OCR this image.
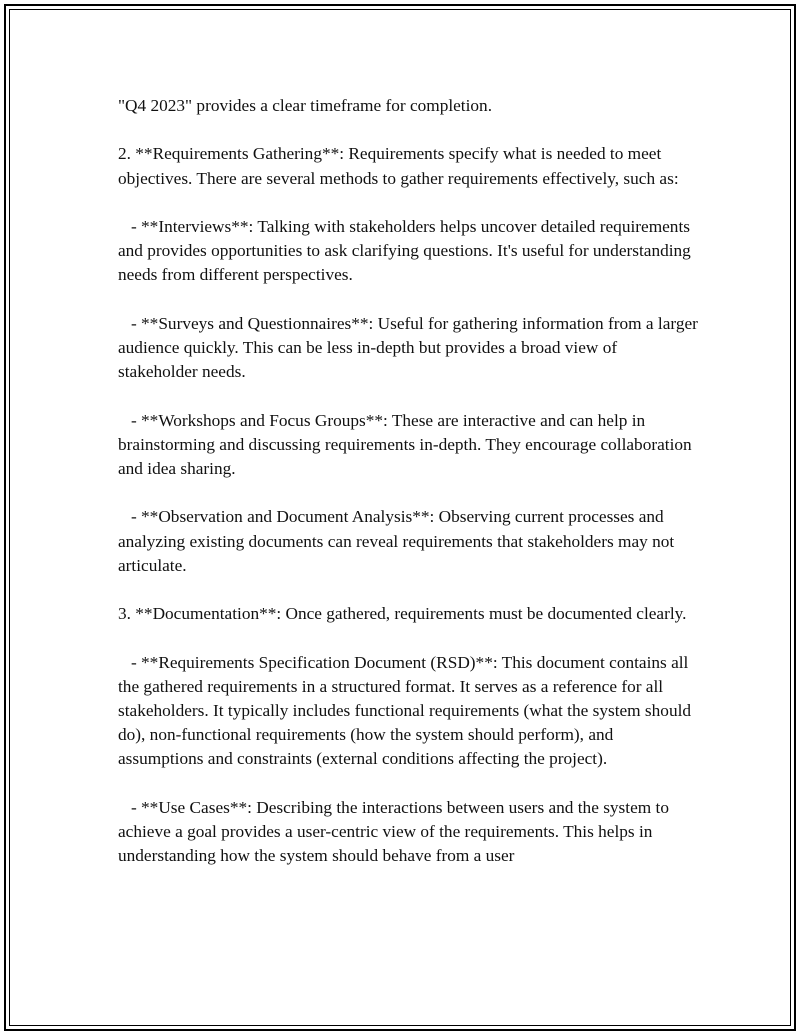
"Q4 2023" provides a clear timeframe for completion.

2. **Requirements Gathering**: Requirements specify what is needed to meet objectives. There are several methods to gather requirements effectively, such as:

- **Interviews**: Talking with stakeholders helps uncover detailed requirements and provides opportunities to ask clarifying questions. It's useful for understanding needs from different perspectives.

- **Surveys and Questionnaires**: Useful for gathering information from a larger audience quickly. This can be less in-depth but provides a broad view of stakeholder needs.

- **Workshops and Focus Groups**: These are interactive and can help in brainstorming and discussing requirements in-depth. They encourage collaboration and idea sharing.

- **Observation and Document Analysis**: Observing current processes and analyzing existing documents can reveal requirements that stakeholders may not articulate.

3. **Documentation**: Once gathered, requirements must be documented clearly.

- **Requirements Specification Document (RSD)**: This document contains all the gathered requirements in a structured format. It serves as a reference for all stakeholders. It typically includes functional requirements (what the system should do), non-functional requirements (how the system should perform), and assumptions and constraints (external conditions affecting the project).

- **Use Cases**: Describing the interactions between users and the system to achieve a goal provides a user-centric view of the requirements. This helps in understanding how the system should behave from a user
